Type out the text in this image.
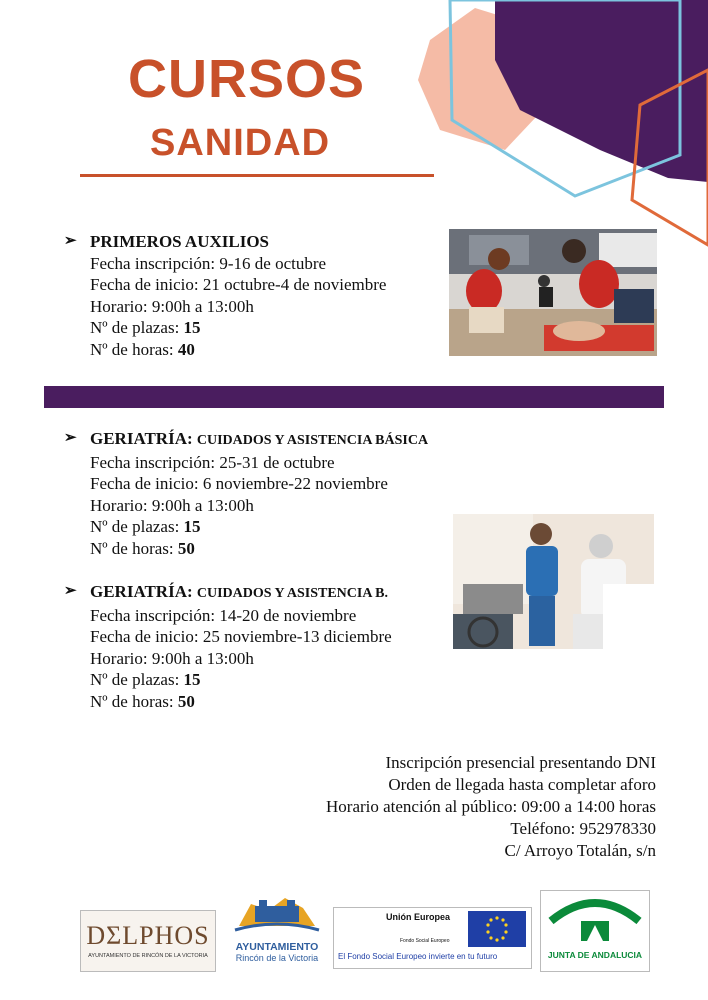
CURSOS
SANIDAD
➢ PRIMEROS AUXILIOS
Fecha inscripción: 9-16 de octubre
Fecha de inicio: 21 octubre-4 de noviembre
Horario: 9:00h a 13:00h
Nº de plazas: 15
Nº de horas: 40
➢ GERIATRÍA: CUIDADOS Y ASISTENCIA BÁSICA
Fecha inscripción: 25-31 de octubre
Fecha de inicio: 6 noviembre-22 noviembre
Horario: 9:00h a 13:00h
Nº de plazas: 15
Nº de horas: 50
➢ GERIATRÍA: CUIDADOS Y ASISTENCIA B.
Fecha inscripción: 14-20 de noviembre
Fecha de inicio: 25 noviembre-13 diciembre
Horario: 9:00h a 13:00h
Nº de plazas: 15
Nº de horas: 50
Inscripción presencial presentando DNI
Orden de llegada hasta completar aforo
Horario atención al público: 09:00 a 14:00 horas
Teléfono: 952978330
C/ Arroyo Totalán, s/n
DΣLPHOS
AYUNTAMIENTO DE RINCÓN DE LA VICTORIA
AYUNTAMIENTO
Rincón de la Victoria
Unión Europea
Fondo Social Europeo
El Fondo Social Europeo invierte en tu futuro	JUNTA DE ANDALUCIA
